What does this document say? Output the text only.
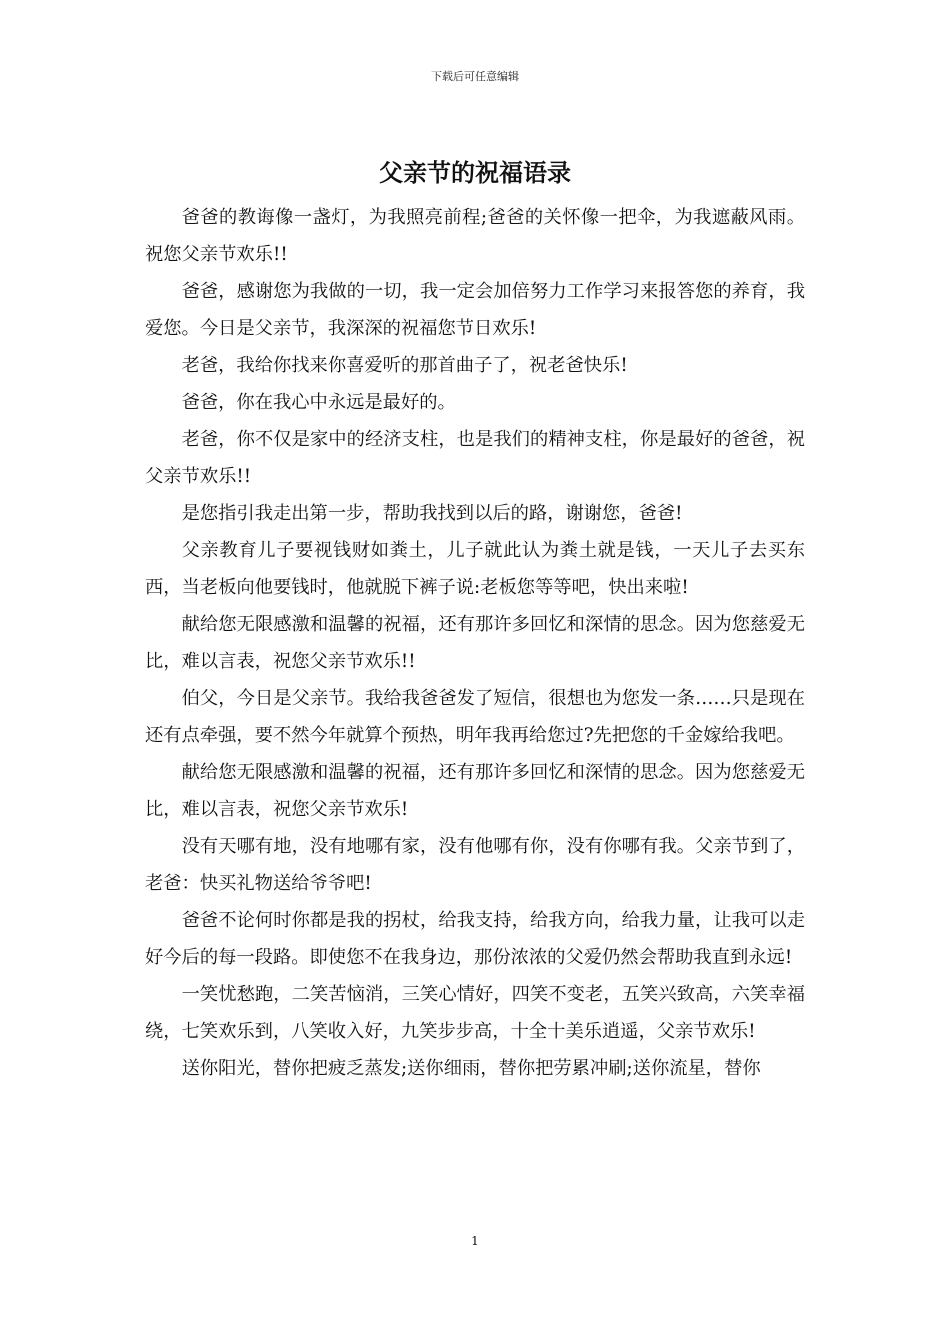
下载后可任意编辑
父亲节的祝福语录

爸爸的教诲像一盏灯，为我照亮前程;爸爸的关怀像一把伞，为我遮蔽风雨。祝您父亲节欢乐!!

爸爸，感谢您为我做的一切，我一定会加倍努力工作学习来报答您的养育，我爱您。今日是父亲节，我深深的祝福您节日欢乐!

老爸，我给你找来你喜爱听的那首曲子了，祝老爸快乐!

爸爸，你在我心中永远是最好的。

老爸，你不仅是家中的经济支柱，也是我们的精神支柱，你是最好的爸爸，祝父亲节欢乐!!

是您指引我走出第一步，帮助我找到以后的路，谢谢您，爸爸!

父亲教育儿子要视钱财如粪土，儿子就此认为粪土就是钱，一天儿子去买东西，当老板向他要钱时，他就脱下裤子说:老板您等等吧，快出来啦!

献给您无限感激和温馨的祝福，还有那许多回忆和深情的思念。因为您慈爱无比，难以言表，祝您父亲节欢乐!!

伯父，今日是父亲节。我给我爸爸发了短信，很想也为您发一条……只是现在还有点牵强，要不然今年就算个预热，明年我再给您过?先把您的千金嫁给我吧。

献给您无限感激和温馨的祝福，还有那许多回忆和深情的思念。因为您慈爱无比，难以言表，祝您父亲节欢乐!

没有天哪有地，没有地哪有家，没有他哪有你，没有你哪有我。父亲节到了，老爸：快买礼物送给爷爷吧!

爸爸不论何时你都是我的拐杖，给我支持，给我方向，给我力量，让我可以走好今后的每一段路。即使您不在我身边，那份浓浓的父爱仍然会帮助我直到永远!

一笑忧愁跑，二笑苦恼消，三笑心情好，四笑不变老，五笑兴致高，六笑幸福绕，七笑欢乐到，八笑收入好，九笑步步高，十全十美乐逍遥，父亲节欢乐!

送你阳光，替你把疲乏蒸发;送你细雨，替你把劳累冲刷;送你流星，替你

1
